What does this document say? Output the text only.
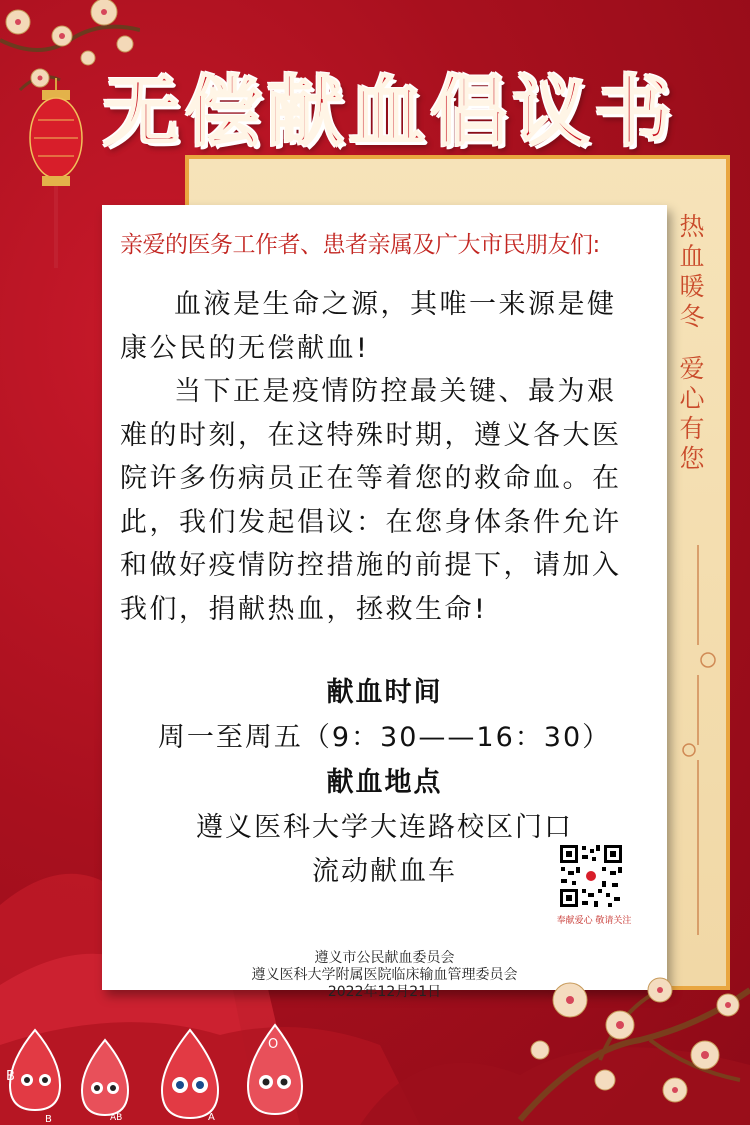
无偿献血倡议书
热
血
暖
冬
爱
心
有
您
亲爱的医务工作者、患者亲属及广大市民朋友们:

血液是生命之源，其唯一来源是健康公民的无偿献血!

当下正是疫情防控最关键、最为艰难的时刻，在这特殊时期，遵义各大医院许多伤病员正在等着您的救命血。在此，我们发起倡议：在您身体条件允许和做好疫情防控措施的前提下，请加入我们，捐献热血，拯救生命!

献血时间
周一至周五（9：30——16：30）
献血地点
遵义医科大学大连路校区门口
流动献血车
奉献爱心 敬请关注
遵义市公民献血委员会
遵义医科大学附属医院临床输血管理委员会
2022年12月21日
B
B	AB	A
O
